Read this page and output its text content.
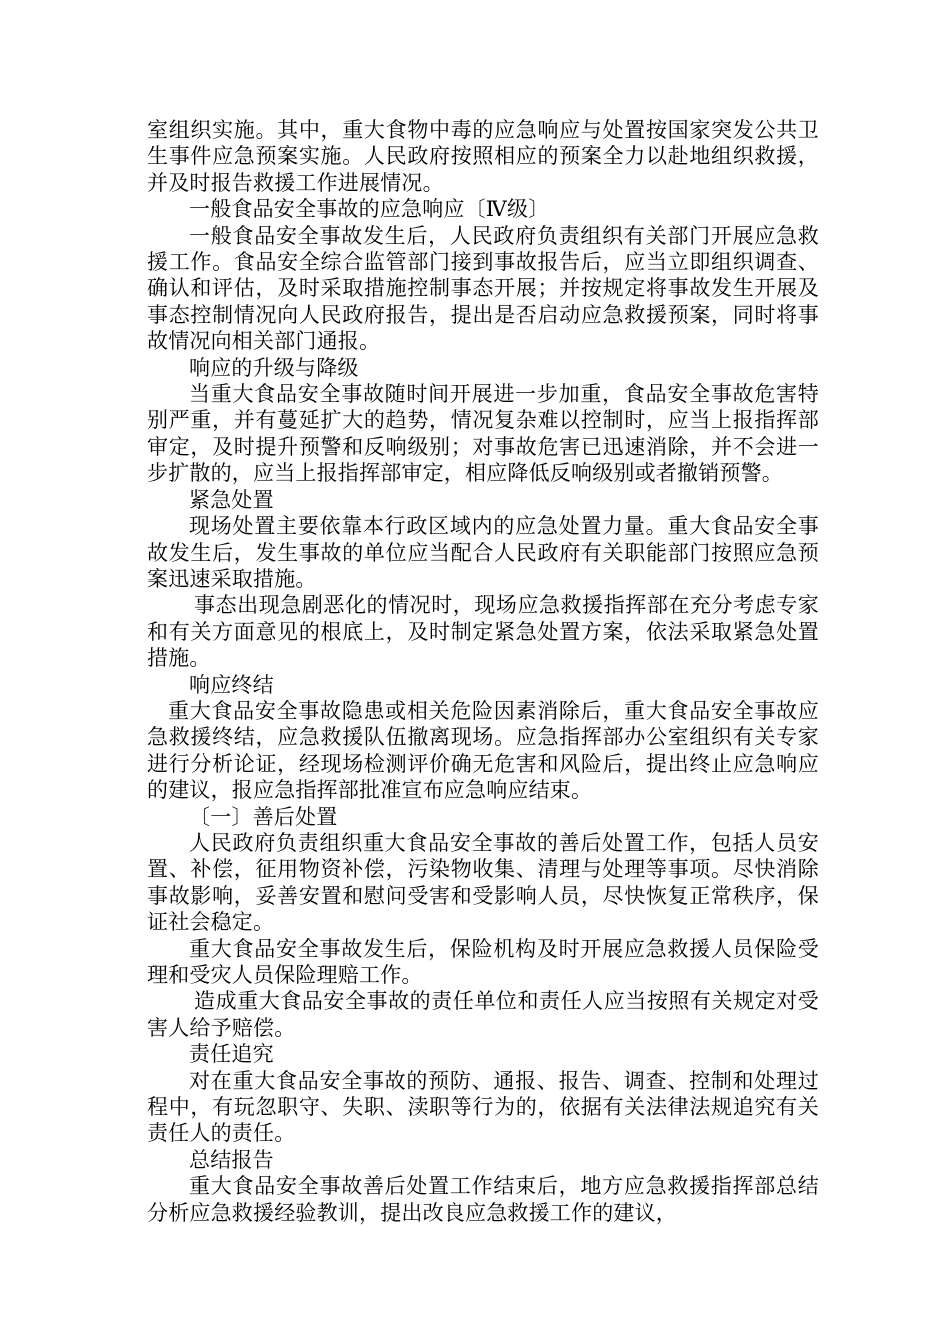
室组织实施。其中，重大食物中毒的应急响应与处置按国家突发公共卫生事件应急预案实施。人民政府按照相应的预案全力以赴地组织救援，并及时报告救援工作进展情况。

一般食品安全事故的应急响应〔Ⅳ级〕

一般食品安全事故发生后，人民政府负责组织有关部门开展应急救援工作。食品安全综合监管部门接到事故报告后，应当立即组织调查、确认和评估，及时采取措施控制事态开展；并按规定将事故发生开展及事态控制情况向人民政府报告，提出是否启动应急救援预案，同时将事故情况向相关部门通报。

响应的升级与降级

当重大食品安全事故随时间开展进一步加重，食品安全事故危害特别严重，并有蔓延扩大的趋势，情况复杂难以控制时，应当上报指挥部审定，及时提升预警和反响级别；对事故危害已迅速消除，并不会进一步扩散的，应当上报指挥部审定，相应降低反响级别或者撤销预警。

紧急处置

现场处置主要依靠本行政区域内的应急处置力量。重大食品安全事故发生后，发生事故的单位应当配合人民政府有关职能部门按照应急预案迅速采取措施。

事态出现急剧恶化的情况时，现场应急救援指挥部在充分考虑专家和有关方面意见的根底上，及时制定紧急处置方案，依法采取紧急处置措施。

响应终结

重大食品安全事故隐患或相关危险因素消除后，重大食品安全事故应急救援终结，应急救援队伍撤离现场。应急指挥部办公室组织有关专家进行分析论证，经现场检测评价确无危害和风险后，提出终止应急响应的建议，报应急指挥部批准宣布应急响应结束。

〔一〕善后处置

人民政府负责组织重大食品安全事故的善后处置工作，包括人员安置、补偿，征用物资补偿，污染物收集、清理与处理等事项。尽快消除事故影响，妥善安置和慰问受害和受影响人员，尽快恢复正常秩序，保证社会稳定。

重大食品安全事故发生后，保险机构及时开展应急救援人员保险受理和受灾人员保险理赔工作。

造成重大食品安全事故的责任单位和责任人应当按照有关规定对受害人给予赔偿。

责任追究

对在重大食品安全事故的预防、通报、报告、调查、控制和处理过程中，有玩忽职守、失职、渎职等行为的，依据有关法律法规追究有关责任人的责任。

总结报告

重大食品安全事故善后处置工作结束后，地方应急救援指挥部总结分析应急救援经验教训，提出改良应急救援工作的建议，
